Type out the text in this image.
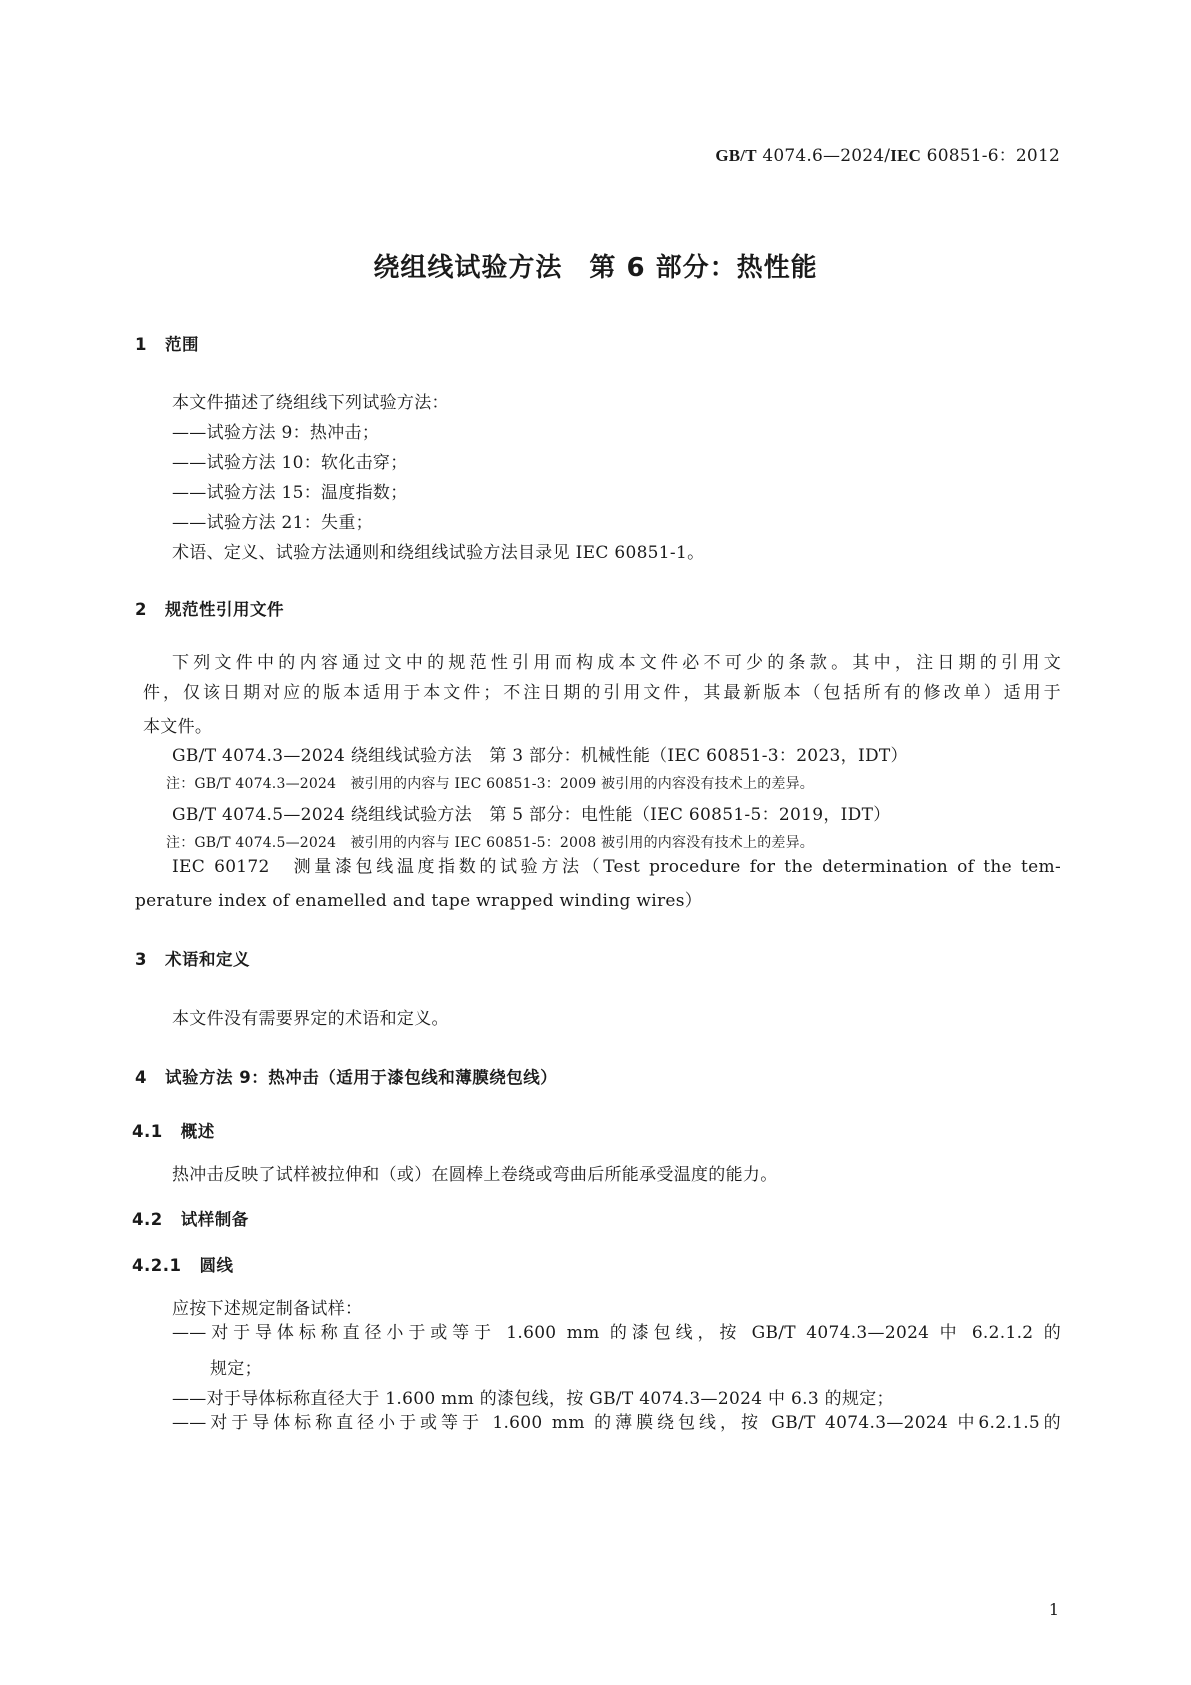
GB/T 4074.6—2024/IEC 60851-6：2012
绕组线试验方法　第 6 部分：热性能
1 范围
本文件描述了绕组线下列试验方法：
——试验方法 9：热冲击；
——试验方法 10：软化击穿；
——试验方法 15：温度指数；
——试验方法 21：失重；
术语、定义、试验方法通则和绕组线试验方法目录见 IEC 60851-1。
2 规范性引用文件
下列文件中的内容通过文中的规范性引用而构成本文件必不可少的条款。其中，注日期的引用文
件，仅该日期对应的版本适用于本文件；不注日期的引用文件，其最新版本（包括所有的修改单）适用于
本文件。
GB/T 4074.3—2024 绕组线试验方法　第 3 部分：机械性能（IEC 60851-3：2023，IDT）
注：GB/T 4074.3—2024　被引用的内容与 IEC 60851-3：2009 被引用的内容没有技术上的差异。
GB/T 4074.5—2024 绕组线试验方法　第 5 部分：电性能（IEC 60851-5：2019，IDT）
注：GB/T 4074.5—2024　被引用的内容与 IEC 60851-5：2008 被引用的内容没有技术上的差异。
IEC 60172　测量漆包线温度指数的试验方法（Test procedure for the determination of the tem-
perature index of enamelled and tape wrapped winding wires）
3 术语和定义
本文件没有需要界定的术语和定义。
4 试验方法 9：热冲击（适用于漆包线和薄膜绕包线）
4.1 概述
热冲击反映了试样被拉伸和（或）在圆棒上卷绕或弯曲后所能承受温度的能力。
4.2 试样制备
4.2.1 圆线
应按下述规定制备试样：
——对于导体标称直径小于或等于 1.600 mm 的漆包线，按 GB/T 4074.3—2024 中 6.2.1.2 的
规定；
——对于导体标称直径大于 1.600 mm 的漆包线，按 GB/T 4074.3—2024 中 6.3 的规定；
——对于导体标称直径小于或等于 1.600 mm 的薄膜绕包线，按 GB/T 4074.3—2024 中6.2.1.5的
1
